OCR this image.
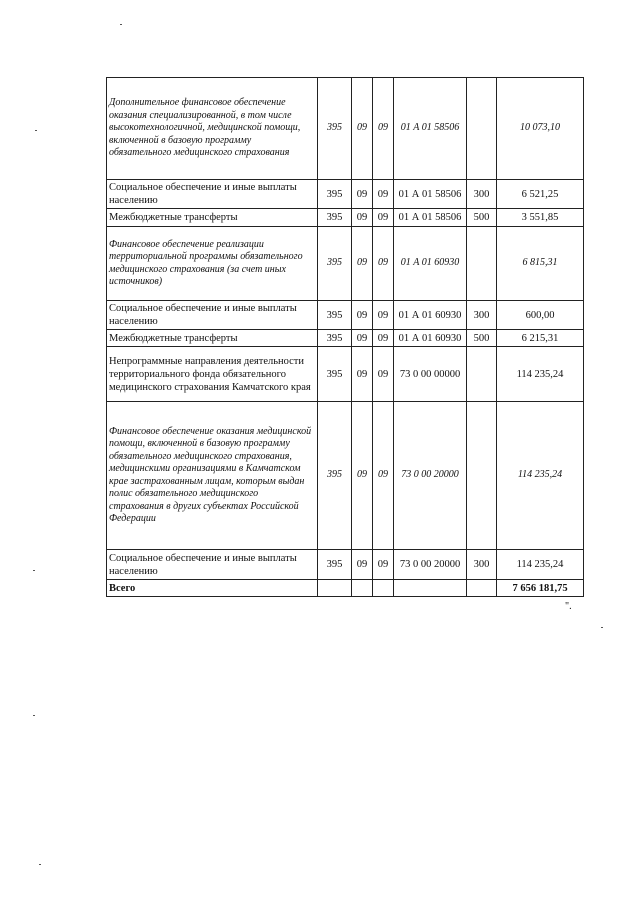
Дополнительное финансовое обеспечение оказания специализированной, в том числе высокотехнологичной, медицинской помощи, включенной в базовую программу обязательного медицинского страхования	395	09	09	01 А 01 58506		10 073,10
Социальное обеспечение и иные выплаты населению	395	09	09	01 А 01 58506	300	6 521,25
Межбюджетные трансферты	395	09	09	01 А 01 58506	500	3 551,85
Финансовое обеспечение реализации территориальной программы обязательного медицинского страхования (за счет иных источников)	395	09	09	01 А 01 60930		6 815,31
Социальное обеспечение и иные выплаты населению	395	09	09	01 А 01 60930	300	600,00
Межбюджетные трансферты	395	09	09	01 А 01 60930	500	6 215,31
Непрограммные направления деятельности территориального фонда обязательного медицинского страхования Камчатского края	395	09	09	73 0 00 00000		114 235,24
Финансовое обеспечение оказания медицинской помощи, включенной в базовую программу обязательного медицинского страхования, медицинскими организациями в Камчатском крае застрахованным лицам, которым выдан полис обязательного медицинского страхования в других субъектах Российской Федерации	395	09	09	73 0 00 20000		114 235,24
Социальное обеспечение и иные выплаты населению	395	09	09	73 0 00 20000	300	114 235,24
Всего						7 656 181,75
".
